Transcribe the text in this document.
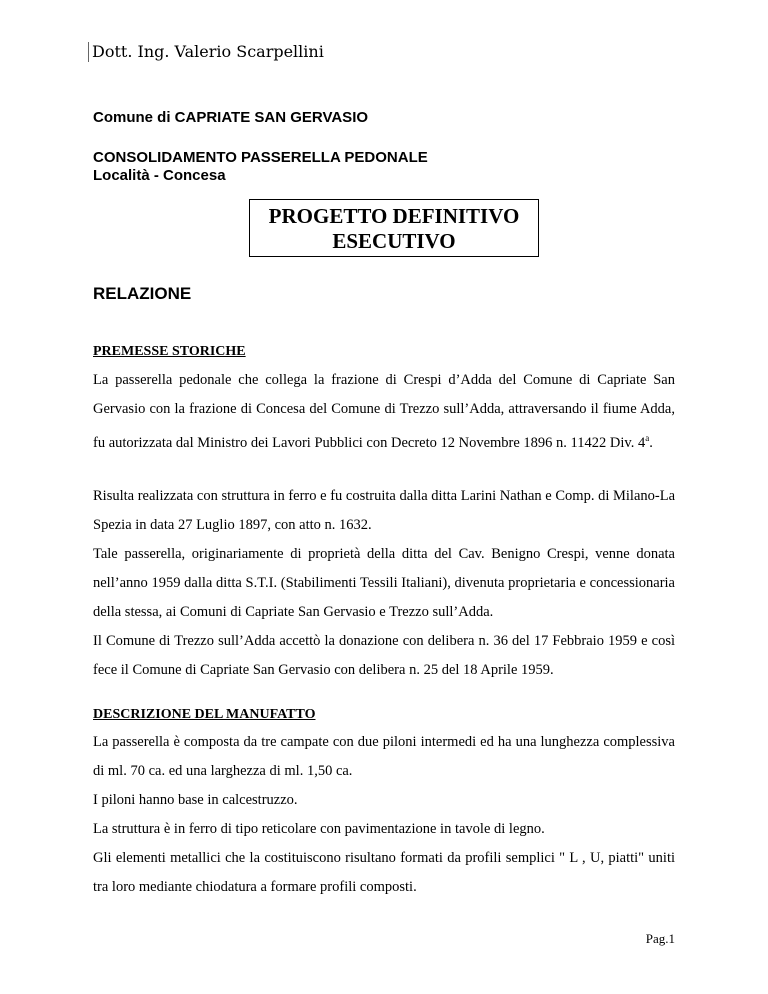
Dott. Ing. Valerio Scarpellini
Comune di CAPRIATE SAN GERVASIO
CONSOLIDAMENTO PASSERELLA PEDONALE
Località - Concesa
PROGETTO DEFINITIVO
ESECUTIVO
RELAZIONE
PREMESSE STORICHE

La passerella pedonale che collega la frazione di Crespi d’Adda del Comune di Capriate San Gervasio con la frazione di Concesa del Comune di Trezzo sull’Adda, attraversando il fiume Adda, fu autorizzata dal Ministro dei Lavori Pubblici con Decreto 12 Novembre 1896 n. 11422 Div. 4$^a$.

Risulta realizzata con struttura in ferro e fu costruita dalla ditta Larini Nathan e Comp. di Milano-La Spezia in data 27 Luglio 1897, con atto n. 1632.

Tale passerella, originariamente di proprietà della ditta del Cav. Benigno Crespi, venne donata nell’anno 1959 dalla ditta S.T.I. (Stabilimenti Tessili Italiani), divenuta proprietaria e concessionaria della stessa, ai Comuni di Capriate San Gervasio e Trezzo sull’Adda.

Il Comune di Trezzo sull’Adda accettò la donazione con delibera n. 36 del 17 Febbraio 1959 e così fece il Comune di Capriate San Gervasio con delibera n. 25 del 18 Aprile 1959.

DESCRIZIONE DEL MANUFATTO

La passerella è composta da tre campate con due piloni intermedi ed ha una lunghezza complessiva di ml. 70 ca. ed una larghezza di ml. 1,50 ca.

I piloni hanno base in calcestruzzo.

La struttura è in ferro di tipo reticolare con pavimentazione in tavole di legno.

Gli elementi metallici che la costituiscono risultano formati da profili semplici " L , U, piatti" uniti tra loro mediante chiodatura a formare profili composti.

Pag.1
